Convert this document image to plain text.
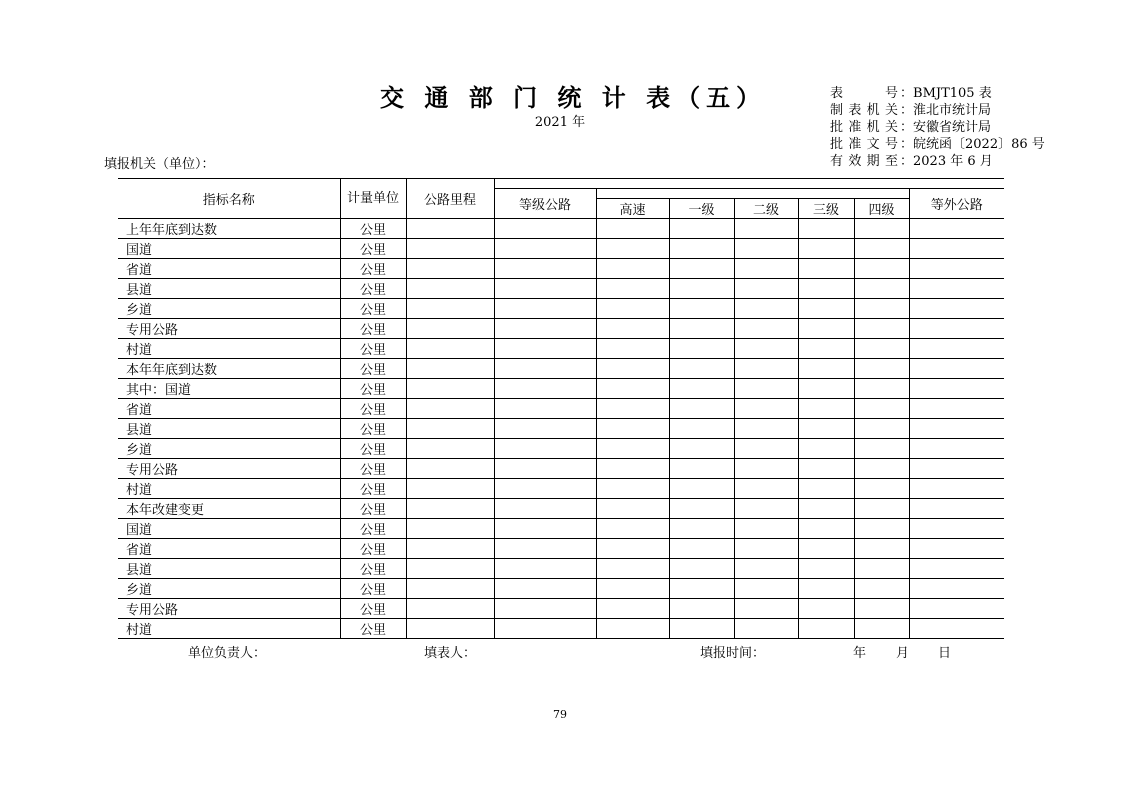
交 通 部 门 统 计 表（五）
2021 年
表　　号 ： BMJT105 表
制表机关 ： 淮北市统计局
批准机关 ： 安徽省统计局
批准文号 ： 皖统函〔2022〕86 号
有效期至 ： 2023 年 6 月
填报机关（单位）：
指标名称	计量单位	公路里程							
			等级公路						等外公路
				高速	一级	二级	三级	四级	
上年年底到达数	公里								
国道	公里								
省道	公里								
县道	公里								
乡道	公里								
专用公路	公里								
村道	公里								
本年年底到达数	公里								
其中：国道	公里								
省道	公里								
县道	公里								
乡道	公里								
专用公路	公里								
村道	公里								
本年改建变更	公里								
国道	公里								
省道	公里								
县道	公里								
乡道	公里								
专用公路	公里								
村道	公里								
单位负责人：	填表人：	填报时间：	年 月 日
79
